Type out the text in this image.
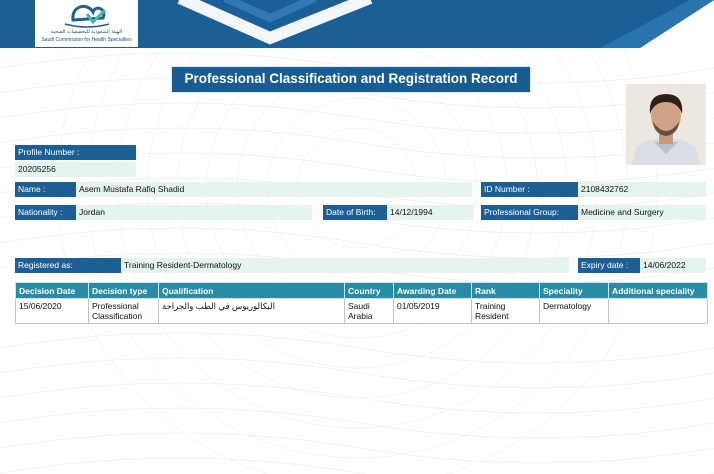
الهيئة السعودية للتخصصات الصحية
Saudi Commission for Health Specialties
Professional Classification and Registration Record
Profile Number :
20205256
Name :	Asem Mustafa Rafiq Shadid	ID Number :	2108432762
Nationality :	Jordan	Date of Birth:	14/12/1994	Professional Group:	Medicine and Surgery
Registered as:	Training Resident-Dermatology	Expiry date :	14/06/2022
Decision Date	Decision type	Qualification	Country	Awarding Date	Rank	Speciality	Additional speciality
15/06/2020	Professional Classification	البكالوريوس في الطب والجراحة	Saudi Arabia	01/05/2019	Training Resident	Dermatology	
